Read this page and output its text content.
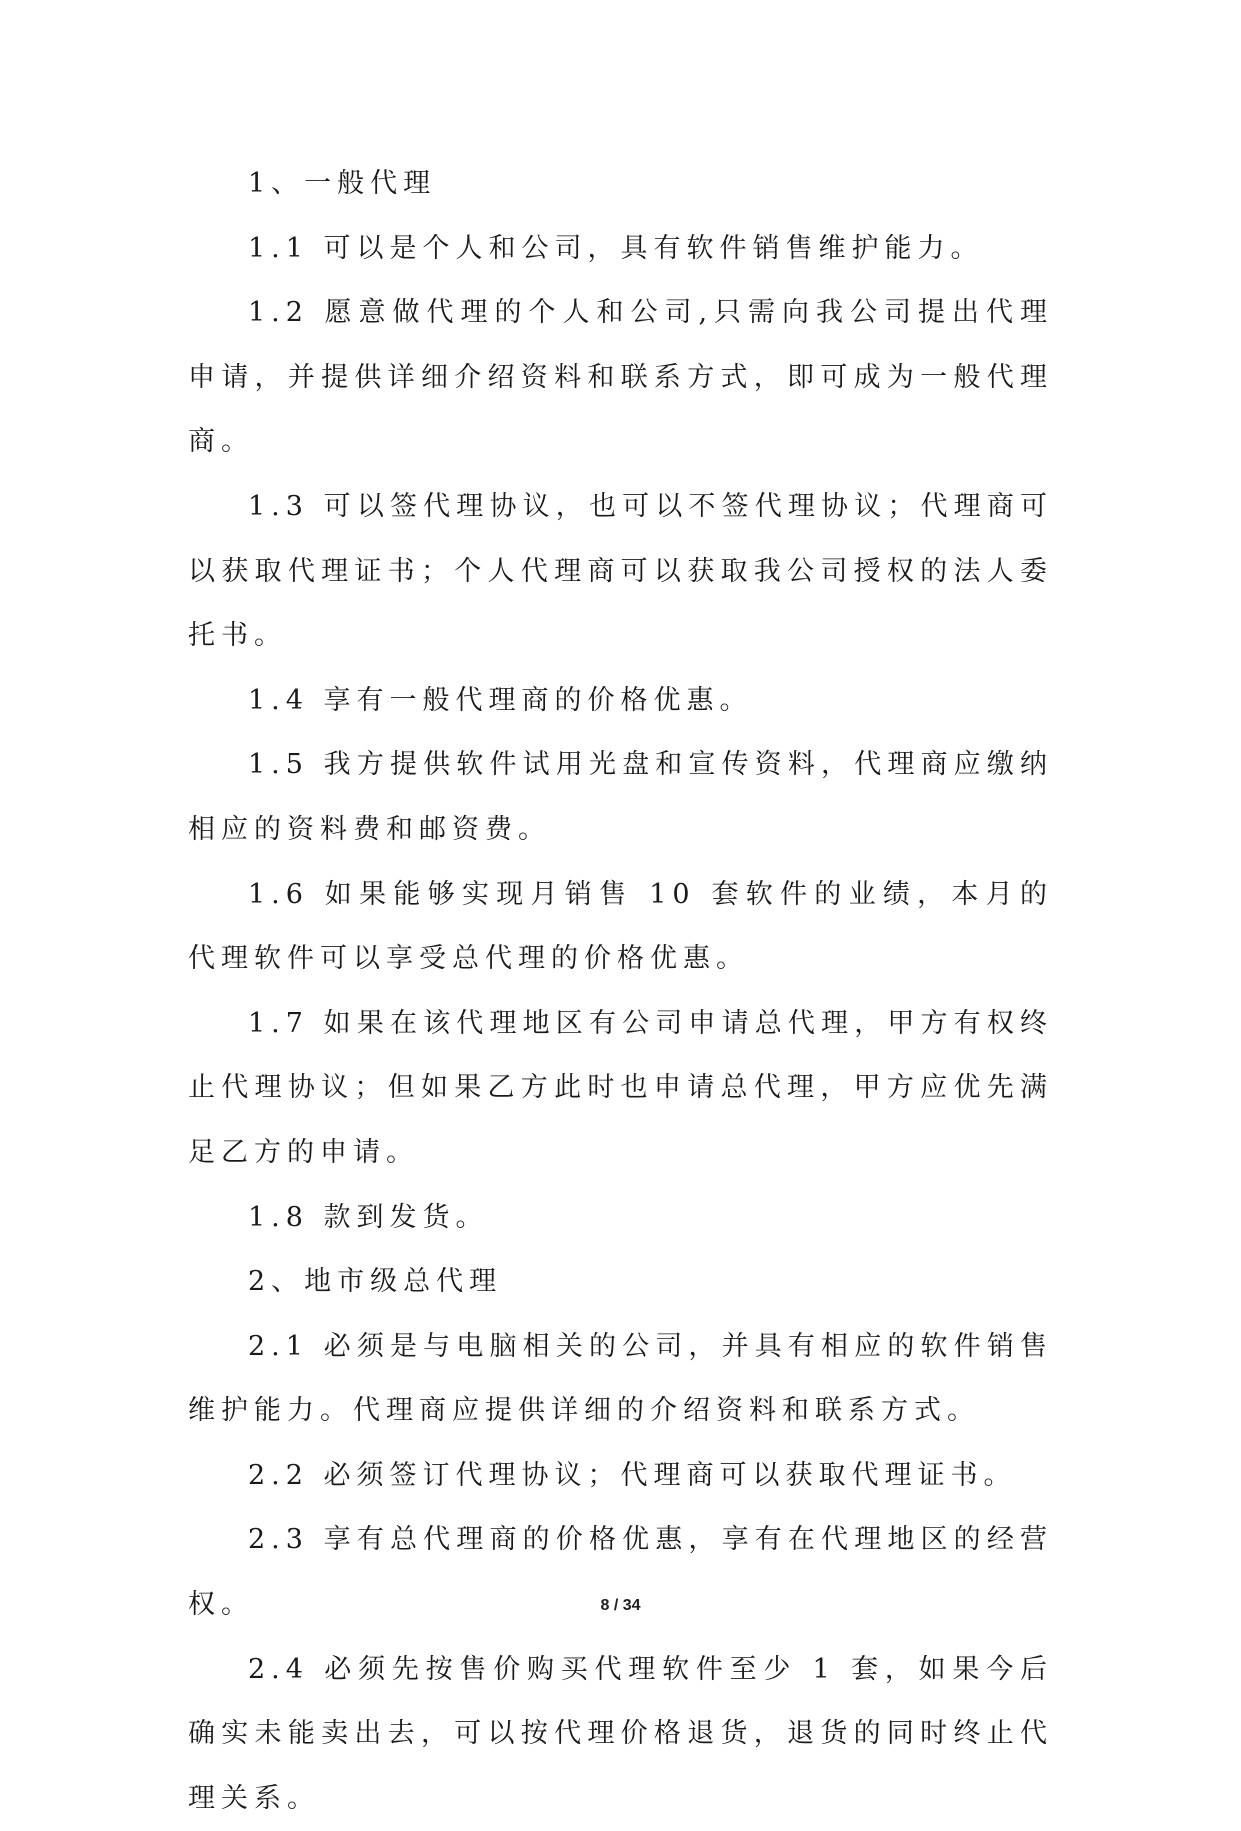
1、一般代理

1.1 可以是个人和公司，具有软件销售维护能力。

1.2 愿意做代理的个人和公司,只需向我公司提出代理申请，并提供详细介绍资料和联系方式，即可成为一般代理商。

1.3 可以签代理协议，也可以不签代理协议；代理商可以获取代理证书；个人代理商可以获取我公司授权的法人委托书。

1.4 享有一般代理商的价格优惠。

1.5 我方提供软件试用光盘和宣传资料，代理商应缴纳相应的资料费和邮资费。

1.6 如果能够实现月销售 10 套软件的业绩，本月的代理软件可以享受总代理的价格优惠。

1.7 如果在该代理地区有公司申请总代理，甲方有权终止代理协议；但如果乙方此时也申请总代理，甲方应优先满足乙方的申请。

1.8 款到发货。

2、地市级总代理

2.1 必须是与电脑相关的公司，并具有相应的软件销售维护能力。代理商应提供详细的介绍资料和联系方式。

2.2 必须签订代理协议；代理商可以获取代理证书。

2.3 享有总代理商的价格优惠，享有在代理地区的经营权。

2.4 必须先按售价购买代理软件至少 1 套，如果今后确实未能卖出去，可以按代理价格退货，退货的同时终止代理关系。

8 / 34
